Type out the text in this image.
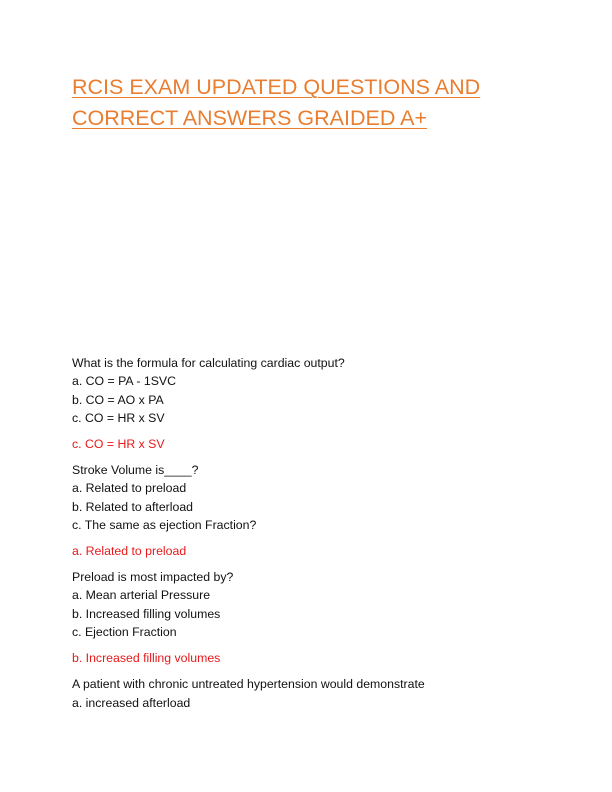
RCIS EXAM UPDATED QUESTIONS AND
CORRECT ANSWERS GRAIDED A+
What is the formula for calculating cardiac output?
a. CO = PA - 1SVC
b. CO = AO x PA
c. CO = HR x SV
c. CO = HR x SV
Stroke Volume is____?
a. Related to preload
b. Related to afterload
c. The same as ejection Fraction?
a. Related to preload
Preload is most impacted by?
a. Mean arterial Pressure
b. Increased filling volumes
c. Ejection Fraction
b. Increased filling volumes
A patient with chronic untreated hypertension would demonstrate
a. increased afterload
